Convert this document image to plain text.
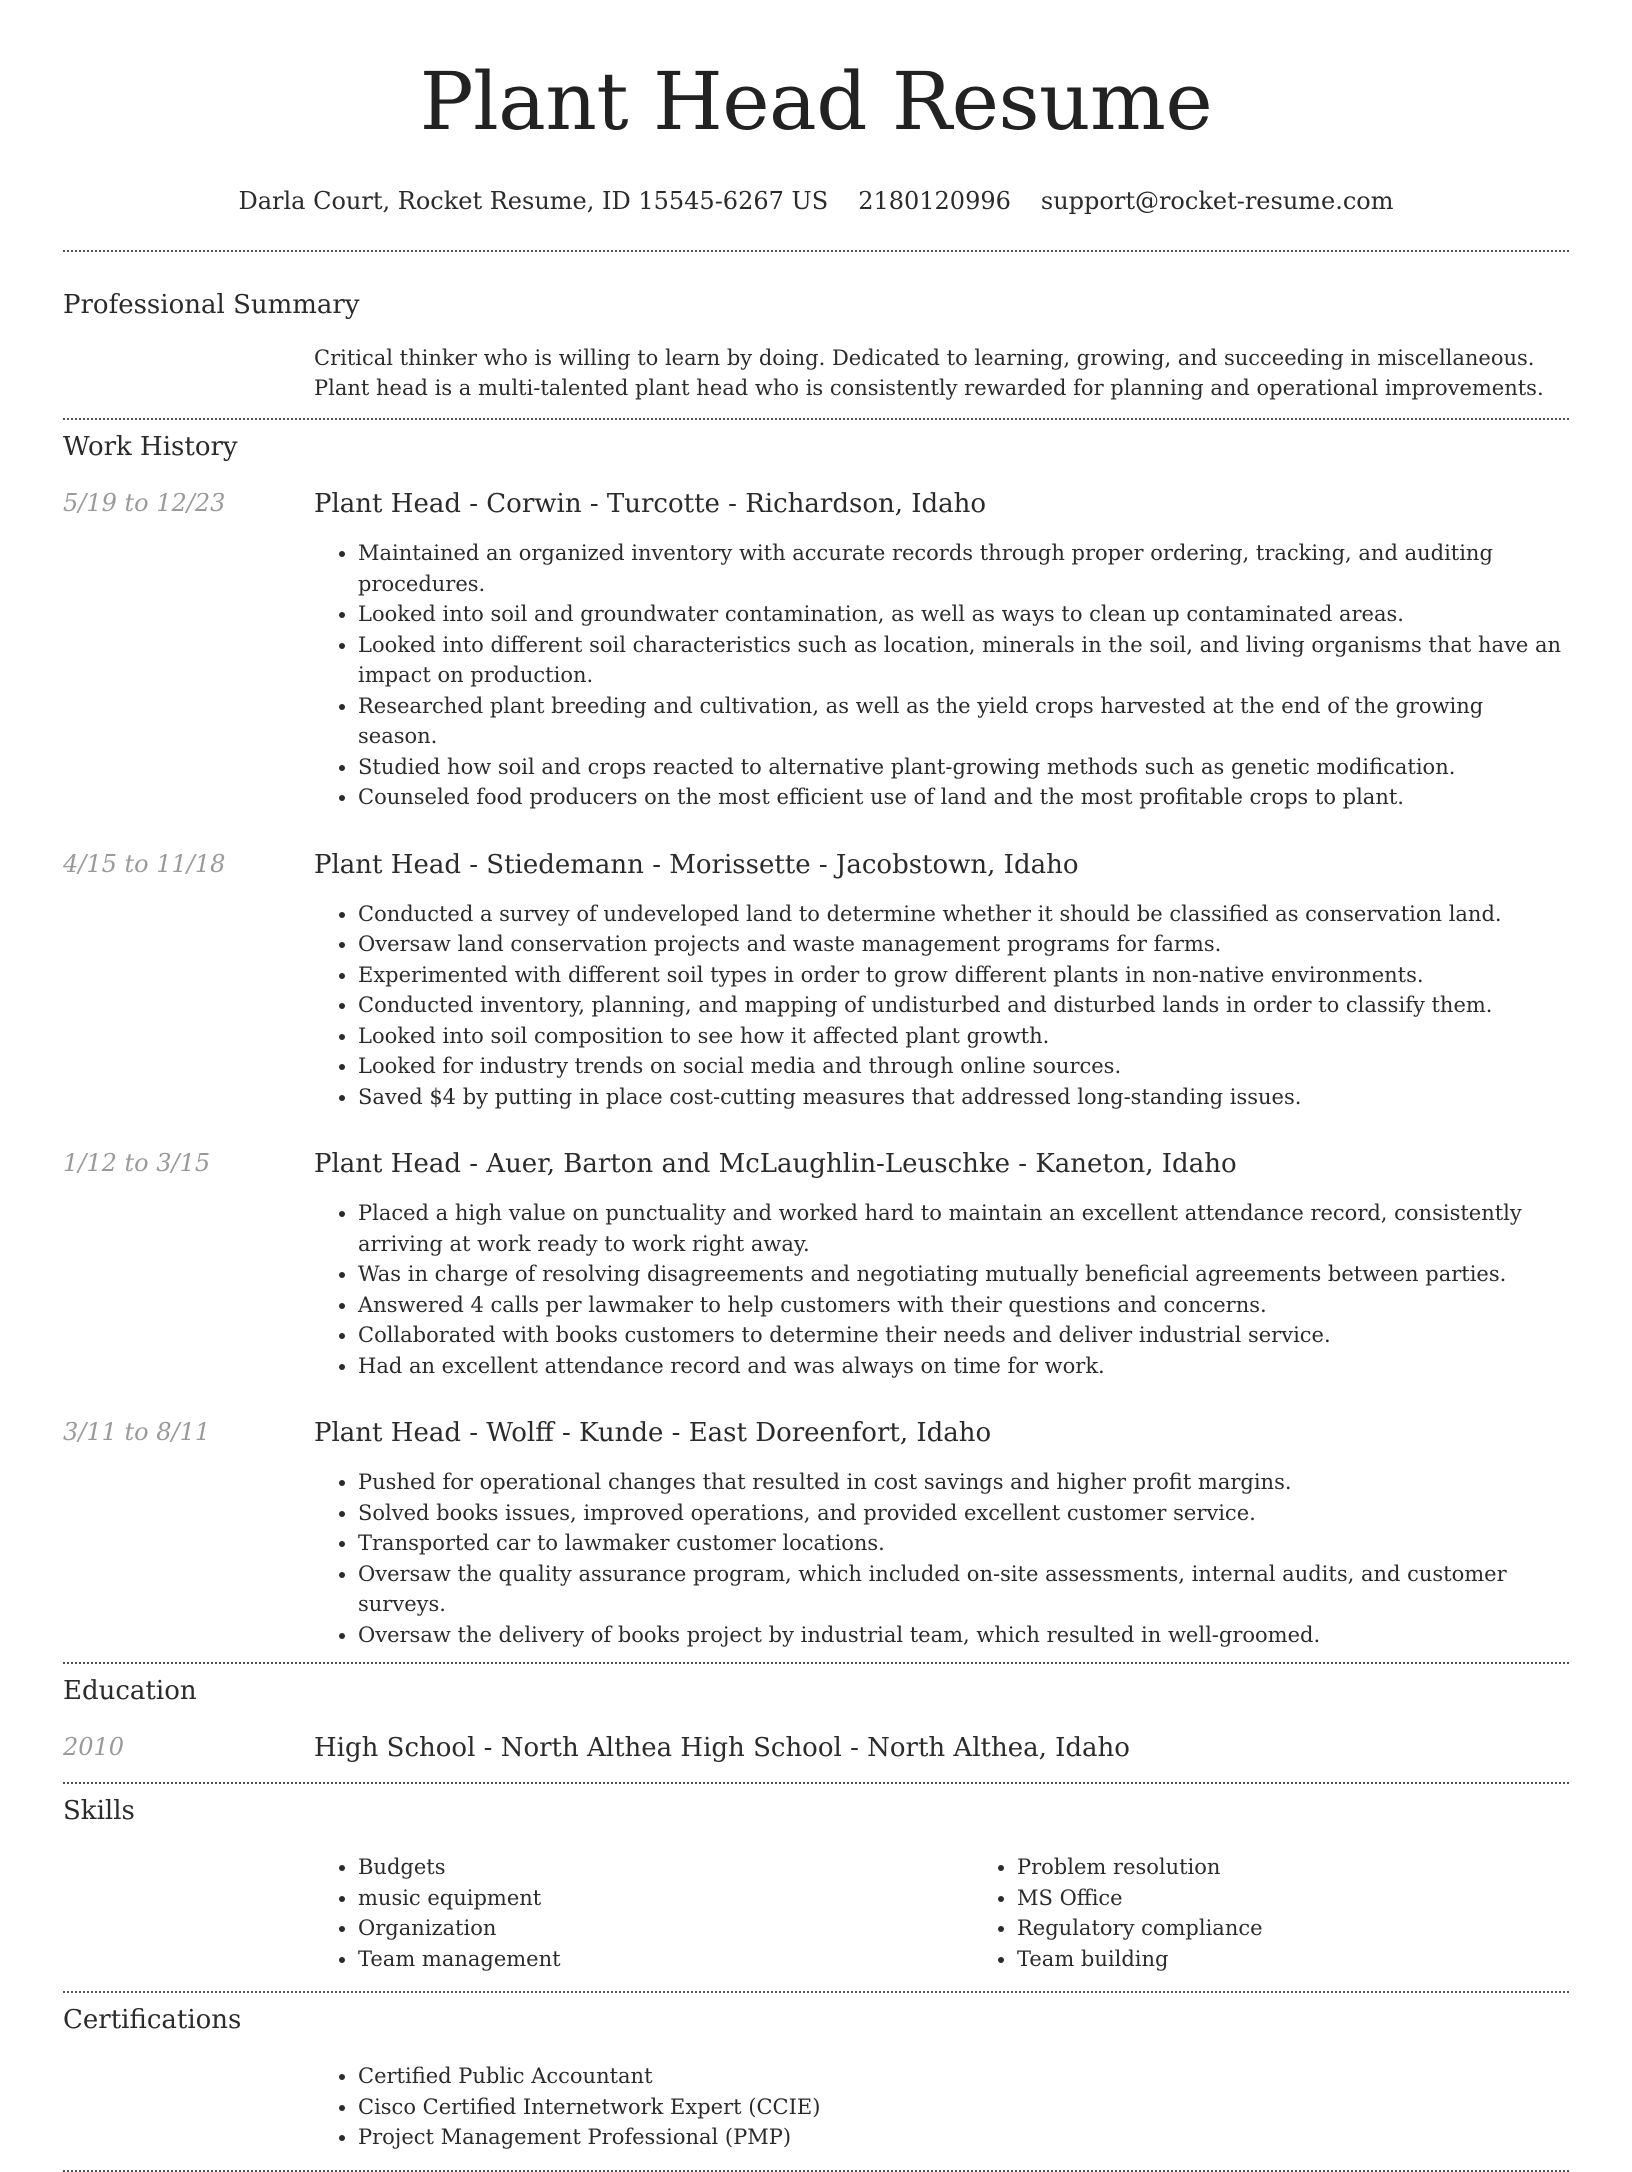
Plant Head Resume
Darla Court, Rocket Resume, ID 15545-6267 US 2180120996 support@rocket-resume.com
Professional Summary
Critical thinker who is willing to learn by doing. Dedicated to learning, growing, and succeeding in miscellaneous. Plant head is a multi-talented plant head who is consistently rewarded for planning and operational improvements.
Work History
5/19 to 12/23	Plant Head - Corwin - Turcotte - Richardson, Idaho
• Maintained an organized inventory with accurate records through proper ordering, tracking, and auditing procedures.
• Looked into soil and groundwater contamination, as well as ways to clean up contaminated areas.
• Looked into different soil characteristics such as location, minerals in the soil, and living organisms that have an impact on production.
• Researched plant breeding and cultivation, as well as the yield crops harvested at the end of the growing season.
• Studied how soil and crops reacted to alternative plant-growing methods such as genetic modification.
• Counseled food producers on the most efficient use of land and the most profitable crops to plant.
4/15 to 11/18	Plant Head - Stiedemann - Morissette - Jacobstown, Idaho
• Conducted a survey of undeveloped land to determine whether it should be classified as conservation land.
• Oversaw land conservation projects and waste management programs for farms.
• Experimented with different soil types in order to grow different plants in non-native environments.
• Conducted inventory, planning, and mapping of undisturbed and disturbed lands in order to classify them.
• Looked into soil composition to see how it affected plant growth.
• Looked for industry trends on social media and through online sources.
• Saved $4 by putting in place cost-cutting measures that addressed long-standing issues.
1/12 to 3/15	Plant Head - Auer, Barton and McLaughlin-Leuschke - Kaneton, Idaho
• Placed a high value on punctuality and worked hard to maintain an excellent attendance record, consistently arriving at work ready to work right away.
• Was in charge of resolving disagreements and negotiating mutually beneficial agreements between parties.
• Answered 4 calls per lawmaker to help customers with their questions and concerns.
• Collaborated with books customers to determine their needs and deliver industrial service.
• Had an excellent attendance record and was always on time for work.
3/11 to 8/11	Plant Head - Wolff - Kunde - East Doreenfort, Idaho
• Pushed for operational changes that resulted in cost savings and higher profit margins.
• Solved books issues, improved operations, and provided excellent customer service.
• Transported car to lawmaker customer locations.
• Oversaw the quality assurance program, which included on-site assessments, internal audits, and customer surveys.
• Oversaw the delivery of books project by industrial team, which resulted in well-groomed.
Education
2010	High School - North Althea High School - North Althea, Idaho
Skills
• Budgets
• music equipment
• Organization
• Team management
• Problem resolution
• MS Office
• Regulatory compliance
• Team building
Certifications
• Certified Public Accountant
• Cisco Certified Internetwork Expert (CCIE)
• Project Management Professional (PMP)
